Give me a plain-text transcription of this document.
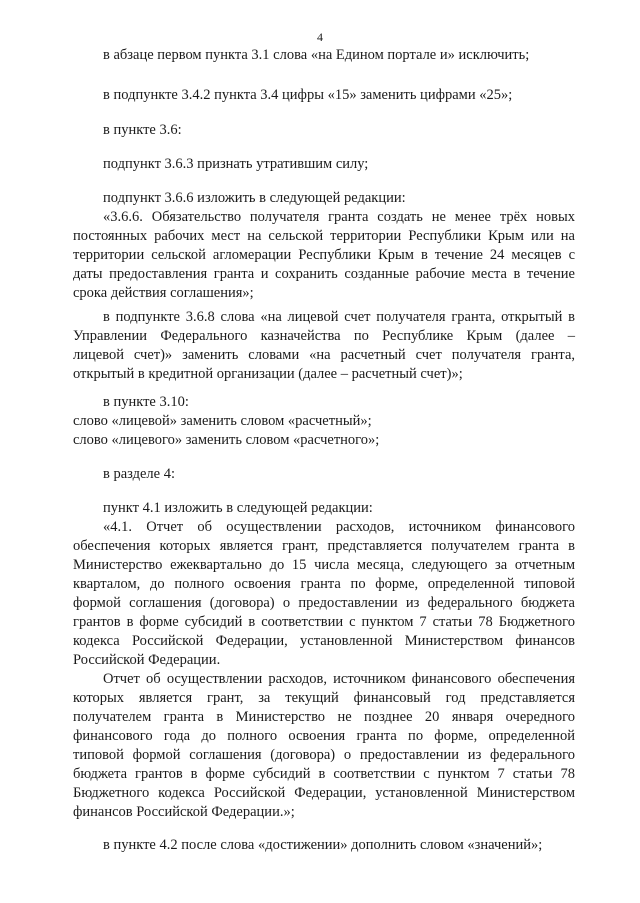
4
в абзаце первом пункта 3.1 слова «на Едином портале и» исключить;
в подпункте 3.4.2 пункта 3.4 цифры «15» заменить цифрами «25»;
в пункте 3.6:
подпункт 3.6.3 признать утратившим силу;
подпункт 3.6.6 изложить в следующей редакции:
«3.6.6. Обязательство получателя гранта создать не менее трёх новых
постоянных рабочих мест на сельской территории Республики Крым или на
территории сельской агломерации Республики Крым в течение 24 месяцев с
даты предоставления гранта и сохранить созданные рабочие места в течение
срока действия соглашения»;
в подпункте 3.6.8 слова «на лицевой счет получателя гранта, открытый в
Управлении Федерального казначейства по Республике Крым (далее –
лицевой счет)» заменить словами «на расчетный счет получателя гранта,
открытый в кредитной организации (далее – расчетный счет)»;
в пункте 3.10:
слово «лицевой» заменить словом «расчетный»;
слово «лицевого» заменить словом «расчетного»;
в разделе 4:
пункт 4.1 изложить в следующей редакции:
«4.1. Отчет об осуществлении расходов, источником финансового
обеспечения которых является грант, представляется получателем гранта в
Министерство ежеквартально до 15 числа месяца, следующего за отчетным
кварталом, до полного освоения гранта по форме, определенной типовой
формой соглашения (договора) о предоставлении из федерального бюджета
грантов в форме субсидий в соответствии с пунктом 7 статьи 78 Бюджетного
кодекса Российской Федерации, установленной Министерством финансов
Российской Федерации.
Отчет об осуществлении расходов, источником финансового обеспечения
которых является грант, за текущий финансовый год представляется
получателем гранта в Министерство не позднее 20 января очередного
финансового года до полного освоения гранта по форме, определенной
типовой формой соглашения (договора) о предоставлении из федерального
бюджета грантов в форме субсидий в соответствии с пунктом 7 статьи 78
Бюджетного кодекса Российской Федерации, установленной Министерством
финансов Российской Федерации.»;
в пункте 4.2 после слова «достижении» дополнить словом «значений»;
